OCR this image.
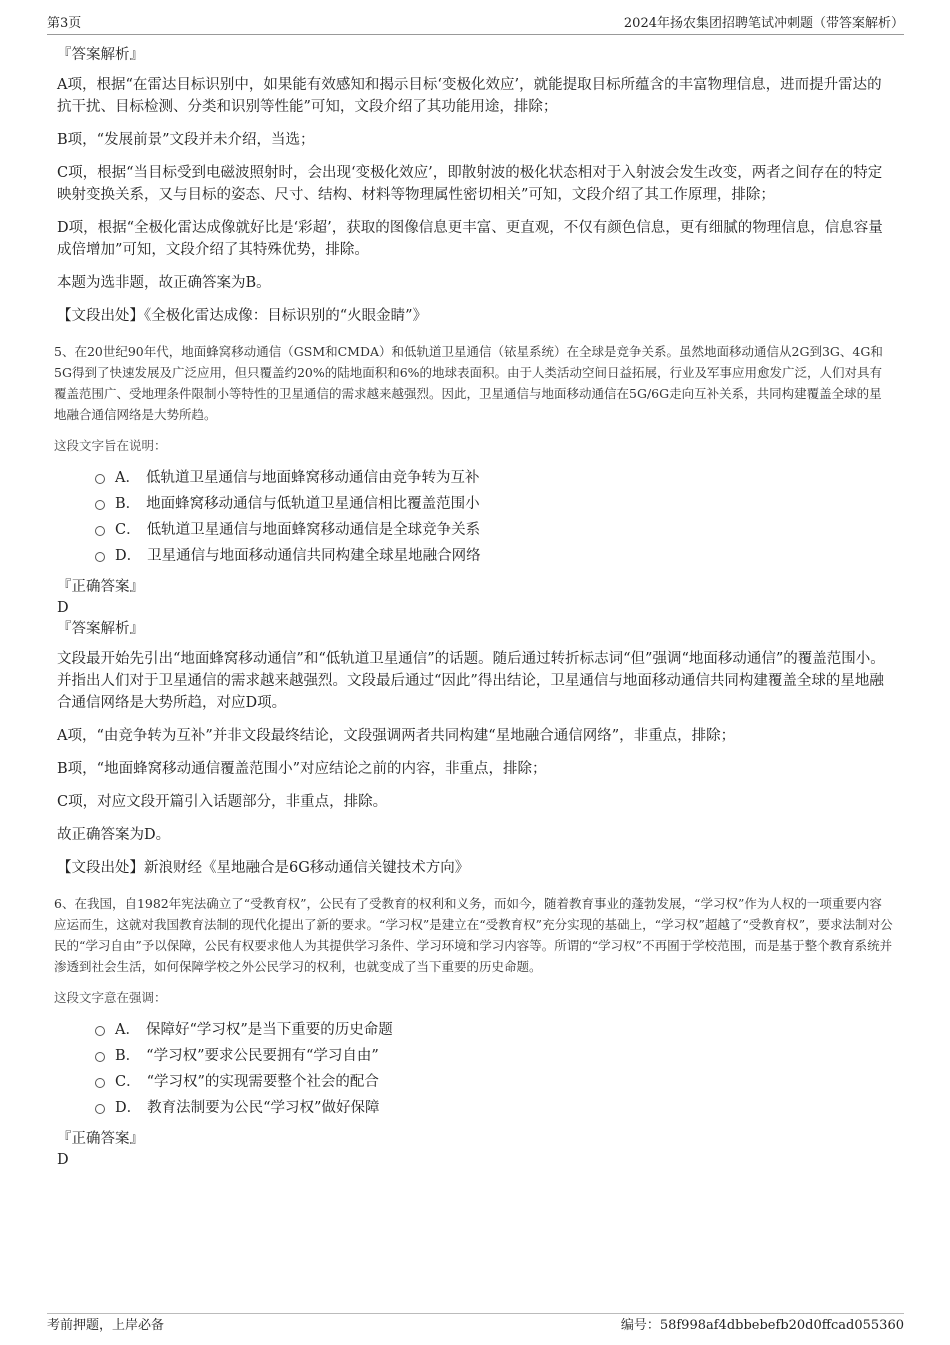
第3页	2024年扬农集团招聘笔试冲刺题（带答案解析）

『答案解析』

A项，根据“在雷达目标识别中，如果能有效感知和揭示目标‘变极化效应’，就能提取目标所蕴含的丰富物理信息，进而提升雷达的抗干扰、目标检测、分类和识别等性能”可知，文段介绍了其功能用途，排除；

B项，“发展前景”文段并未介绍，当选；

C项，根据“当目标受到电磁波照射时，会出现‘变极化效应’，即散射波的极化状态相对于入射波会发生改变，两者之间存在的特定映射变换关系，又与目标的姿态、尺寸、结构、材料等物理属性密切相关”可知，文段介绍了其工作原理，排除；

D项，根据“全极化雷达成像就好比是‘彩超’，获取的图像信息更丰富、更直观，不仅有颜色信息，更有细腻的物理信息，信息容量成倍增加”可知，文段介绍了其特殊优势，排除。

本题为选非题，故正确答案为B。

【文段出处】《全极化雷达成像：目标识别的“火眼金睛”》

5、在20世纪90年代，地面蜂窝移动通信（GSM和CMDA）和低轨道卫星通信（铱星系统）在全球是竞争关系。虽然地面移动通信从2G到3G、4G和5G得到了快速发展及广泛应用，但只覆盖约20%的陆地面积和6%的地球表面积。由于人类活动空间日益拓展，行业及军事应用愈发广泛，人们对具有覆盖范围广、受地理条件限制小等特性的卫星通信的需求越来越强烈。因此，卫星通信与地面移动通信在5G/6G走向互补关系，共同构建覆盖全球的星地融合通信网络是大势所趋。

这段文字旨在说明：

A． 低轨道卫星通信与地面蜂窝移动通信由竞争转为互补
B． 地面蜂窝移动通信与低轨道卫星通信相比覆盖范围小
C． 低轨道卫星通信与地面蜂窝移动通信是全球竞争关系
D． 卫星通信与地面移动通信共同构建全球星地融合网络

『正确答案』

D

『答案解析』

文段最开始先引出“地面蜂窝移动通信”和“低轨道卫星通信”的话题。随后通过转折标志词“但”强调“地面移动通信”的覆盖范围小。并指出人们对于卫星通信的需求越来越强烈。文段最后通过“因此”得出结论，卫星通信与地面移动通信共同构建覆盖全球的星地融合通信网络是大势所趋，对应D项。

A项，“由竞争转为互补”并非文段最终结论，文段强调两者共同构建“星地融合通信网络”，非重点，排除；

B项，“地面蜂窝移动通信覆盖范围小”对应结论之前的内容，非重点，排除；

C项，对应文段开篇引入话题部分，非重点，排除。

故正确答案为D。

【文段出处】新浪财经《星地融合是6G移动通信关键技术方向》

6、在我国，自1982年宪法确立了“受教育权”，公民有了受教育的权利和义务，而如今，随着教育事业的蓬勃发展，“学习权”作为人权的一项重要内容应运而生，这就对我国教育法制的现代化提出了新的要求。“学习权”是建立在“受教育权”充分实现的基础上，“学习权”超越了“受教育权”，要求法制对公民的“学习自由”予以保障，公民有权要求他人为其提供学习条件、学习环境和学习内容等。所谓的“学习权”不再囿于学校范围，而是基于整个教育系统并渗透到社会生活，如何保障学校之外公民学习的权利，也就变成了当下重要的历史命题。

这段文字意在强调：

A． 保障好“学习权”是当下重要的历史命题
B． “学习权”要求公民要拥有“学习自由”
C． “学习权”的实现需要整个社会的配合
D． 教育法制要为公民“学习权”做好保障

『正确答案』

D

考前押题，上岸必备	编号：58f998af4dbbebefb20d0ffcad055360
